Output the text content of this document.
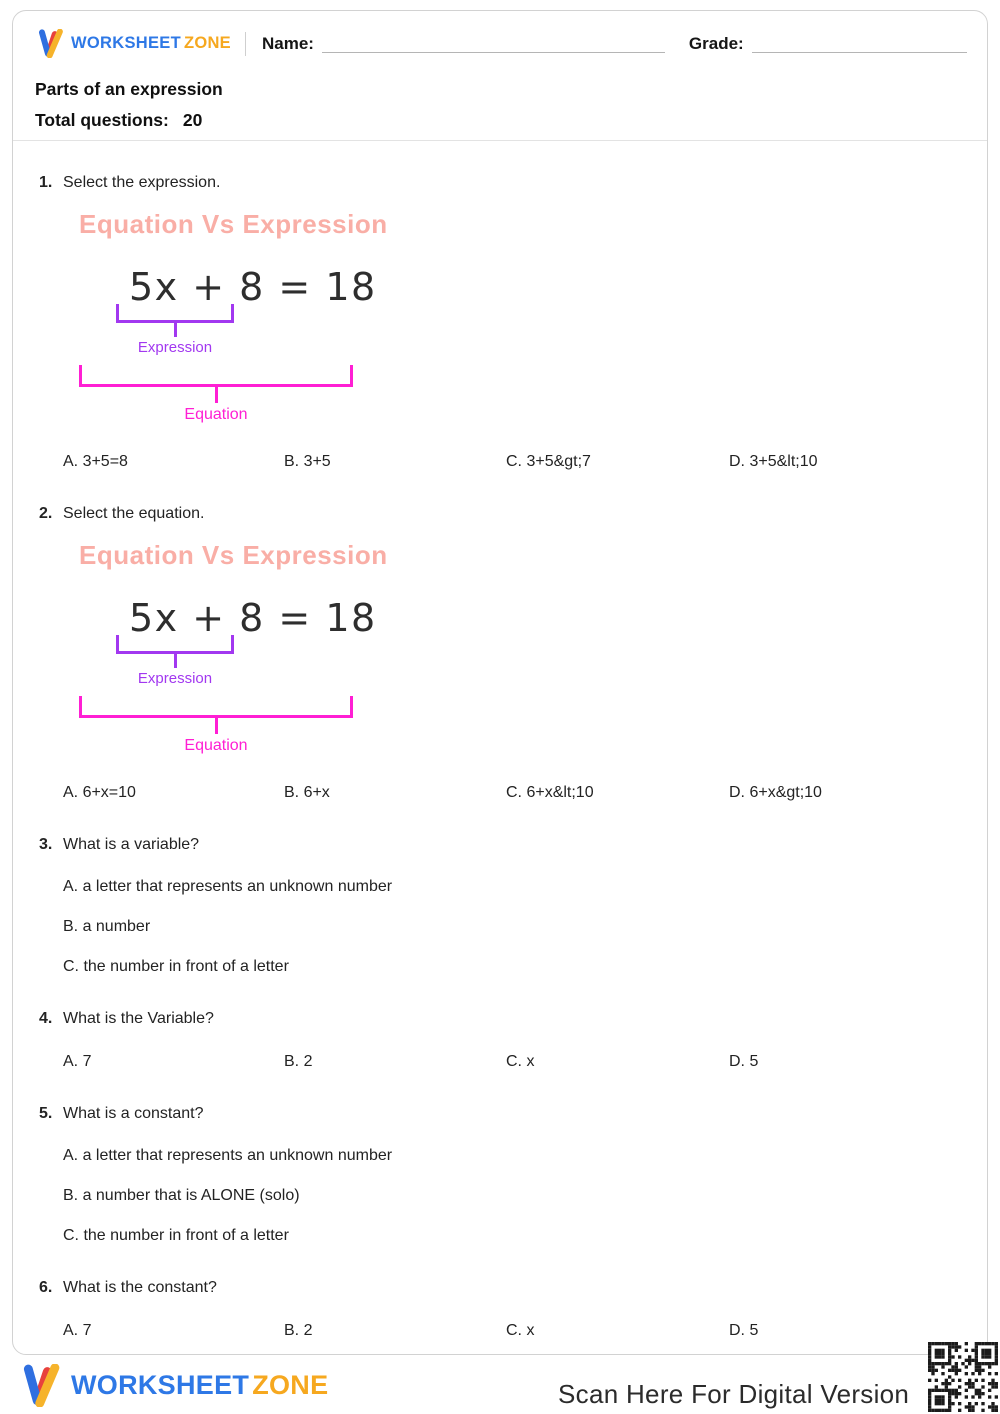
WORKSHEET ZONE Name:	Grade:
Parts of an expression
Total questions: 20
1. Select the expression.
Equation Vs Expression
5x + 8 = 18
Expression
Equation
A. 3+5=8	B. 3+5	C. 3+5&gt;7	D. 3+5&lt;10
2. Select the equation.
Equation Vs Expression
5x + 8 = 18
Expression
Equation
A. 6+x=10	B. 6+x	C. 6+x&lt;10	D. 6+x&gt;10
3. What is a variable?
A. a letter that represents an unknown number
B. a number
C. the number in front of a letter
4. What is the Variable?
A. 7	B. 2	C. x	D. 5
5. What is a constant?
A. a letter that represents an unknown number
B. a number that is ALONE (solo)
C. the number in front of a letter
6. What is the constant?
A. 7	B. 2	C. x	D. 5
WORKSHEET ZONE	Scan Here For Digital Version
